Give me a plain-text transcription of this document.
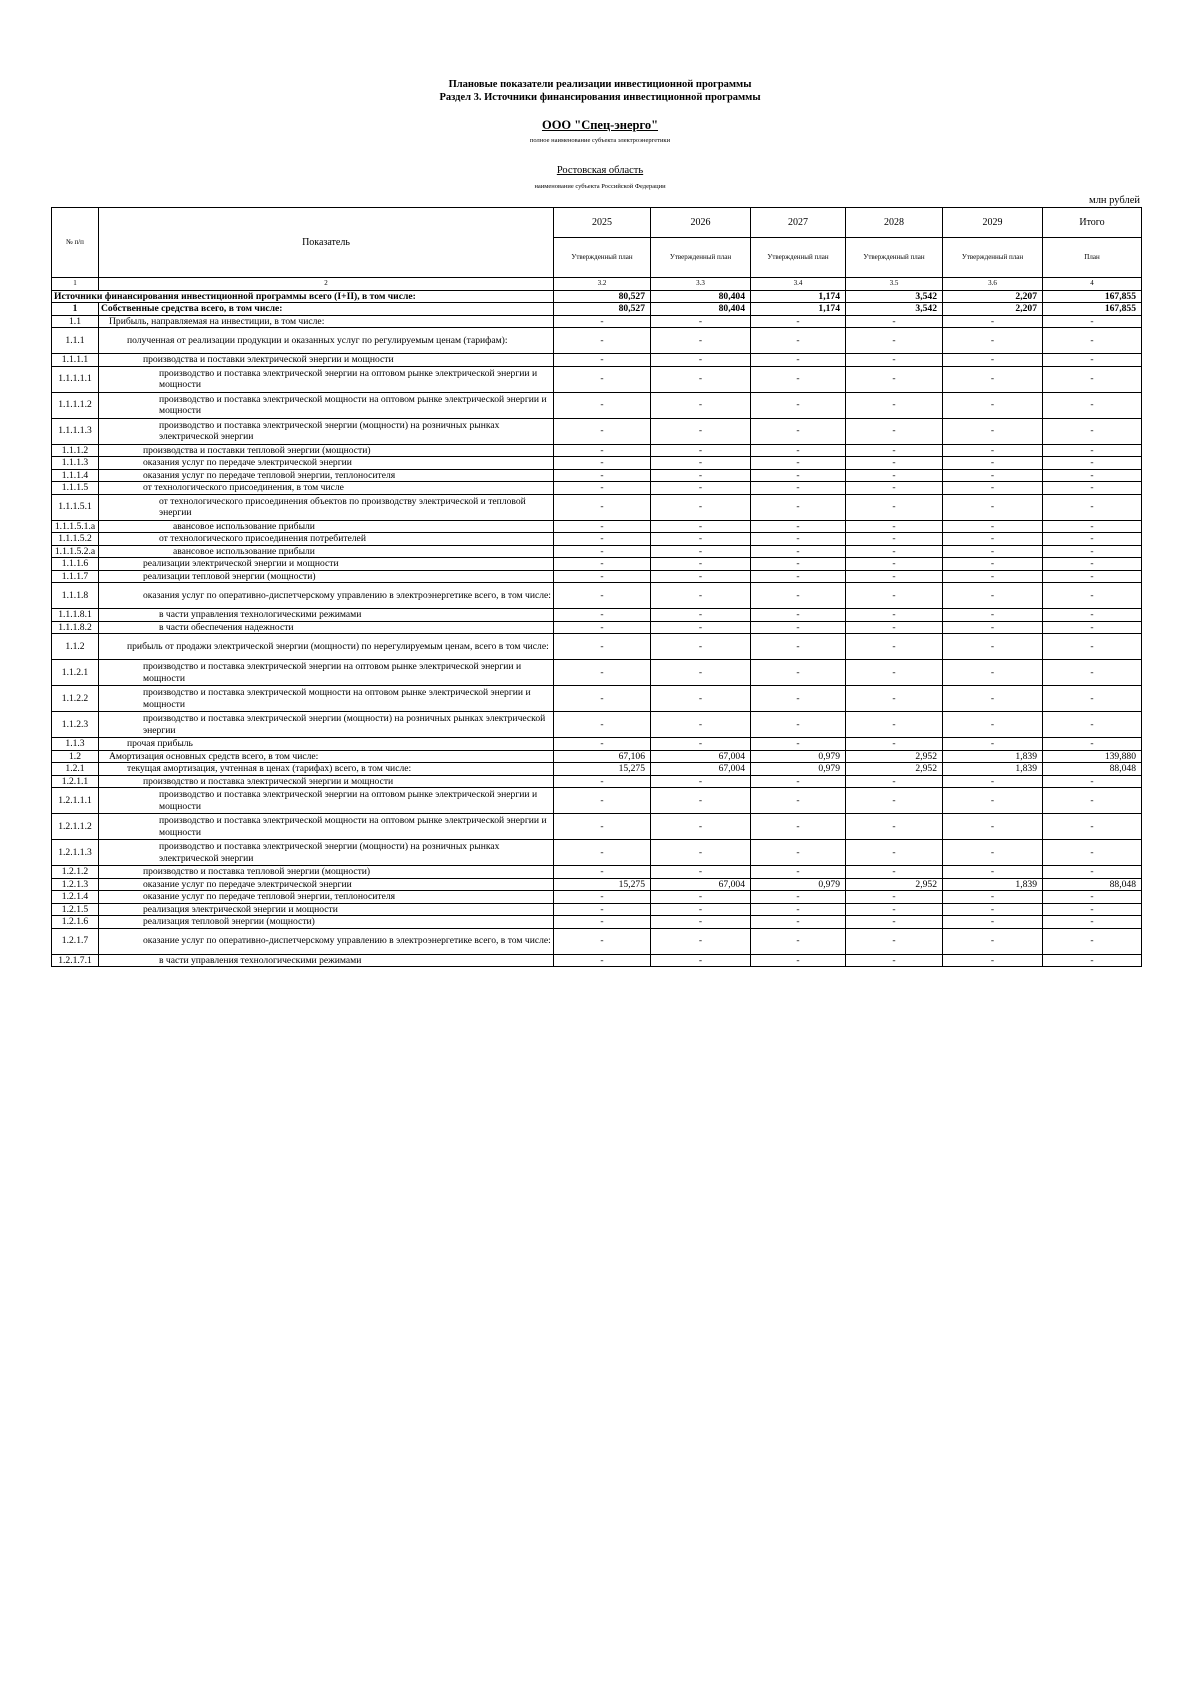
Плановые показатели реализации инвестиционной программы
Раздел 3. Источники финансирования инвестиционной программы
ООО "Спец-энерго"
полное наименование субъекта электроэнергетики
Ростовская область
наименование субъекта Российской Федерации
млн рублей
№ п/п	Показатель	2025	2026	2027	2028	2029	Итого
		Утвержденный план	Утвержденный план	Утвержденный план	Утвержденный план	Утвержденный план	План
1	2	3.2	3.3	3.4	3.5	3.6	4
Источники финансирования инвестиционной программы всего (I+II), в том числе:		80,527	80,404	1,174	3,542	2,207	167,855
1	Собственные средства всего, в том числе:	80,527	80,404	1,174	3,542	2,207	167,855
1.1	Прибыль, направляемая на инвестиции, в том числе:	-	-	-	-	-	-
1.1.1	полученная от реализации продукции и оказанных услуг по регулируемым ценам (тарифам):	-	-	-	-	-	-
1.1.1.1	производства и поставки электрической энергии и мощности	-	-	-	-	-	-
1.1.1.1.1	производство и поставка электрической энергии на оптовом рынке электрической энергии и мощности	-	-	-	-	-	-
1.1.1.1.2	производство и поставка электрической мощности на оптовом рынке электрической энергии и мощности	-	-	-	-	-	-
1.1.1.1.3	производство и поставка электрической энергии (мощности) на розничных рынках электрической энергии	-	-	-	-	-	-
1.1.1.2	производства и поставки тепловой энергии (мощности)	-	-	-	-	-	-
1.1.1.3	оказания услуг по передаче электрической энергии	-	-	-	-	-	-
1.1.1.4	оказания услуг по передаче тепловой энергии, теплоносителя	-	-	-	-	-	-
1.1.1.5	от технологического присоединения, в том числе	-	-	-	-	-	-
1.1.1.5.1	от технологического присоединения объектов по производству электрической и тепловой энергии	-	-	-	-	-	-
1.1.1.5.1.a	авансовое использование прибыли	-	-	-	-	-	-
1.1.1.5.2	от технологического присоединения потребителей	-	-	-	-	-	-
1.1.1.5.2.a	авансовое использование прибыли	-	-	-	-	-	-
1.1.1.6	реализации электрической энергии и мощности	-	-	-	-	-	-
1.1.1.7	реализации тепловой энергии (мощности)	-	-	-	-	-	-
1.1.1.8	оказания услуг по оперативно-диспетчерскому управлению в электроэнергетике всего, в том числе:	-	-	-	-	-	-
1.1.1.8.1	в части управления технологическими режимами	-	-	-	-	-	-
1.1.1.8.2	в части обеспечения надежности	-	-	-	-	-	-
1.1.2	прибыль от продажи электрической энергии (мощности) по нерегулируемым ценам, всего в том числе:	-	-	-	-	-	-
1.1.2.1	производство и поставка электрической энергии на оптовом рынке электрической энергии и мощности	-	-	-	-	-	-
1.1.2.2	производство и поставка электрической мощности на оптовом рынке электрической энергии и мощности	-	-	-	-	-	-
1.1.2.3	производство и поставка электрической энергии (мощности) на розничных рынках электрической энергии	-	-	-	-	-	-
1.1.3	прочая прибыль	-	-	-	-	-	-
1.2	Амортизация основных средств всего, в том числе:	67,106	67,004	0,979	2,952	1,839	139,880
1.2.1	текущая амортизация, учтенная в ценах (тарифах) всего, в том числе:	15,275	67,004	0,979	2,952	1,839	88,048
1.2.1.1	производство и поставка электрической энергии и мощности	-	-	-	-	-	-
1.2.1.1.1	производство и поставка электрической энергии на оптовом рынке электрической энергии и мощности	-	-	-	-	-	-
1.2.1.1.2	производство и поставка электрической мощности на оптовом рынке электрической энергии и мощности	-	-	-	-	-	-
1.2.1.1.3	производство и поставка электрической энергии (мощности) на розничных рынках электрической энергии	-	-	-	-	-	-
1.2.1.2	производство и поставка тепловой энергии (мощности)	-	-	-	-	-	-
1.2.1.3	оказание услуг по передаче электрической энергии	15,275	67,004	0,979	2,952	1,839	88,048
1.2.1.4	оказание услуг по передаче тепловой энергии, теплоносителя	-	-	-	-	-	-
1.2.1.5	реализация электрической энергии и мощности	-	-	-	-	-	-
1.2.1.6	реализация тепловой энергии (мощности)	-	-	-	-	-	-
1.2.1.7	оказание услуг по оперативно-диспетчерскому управлению в электроэнергетике всего, в том числе:	-	-	-	-	-	-
1.2.1.7.1	в части управления технологическими режимами	-	-	-	-	-	-
